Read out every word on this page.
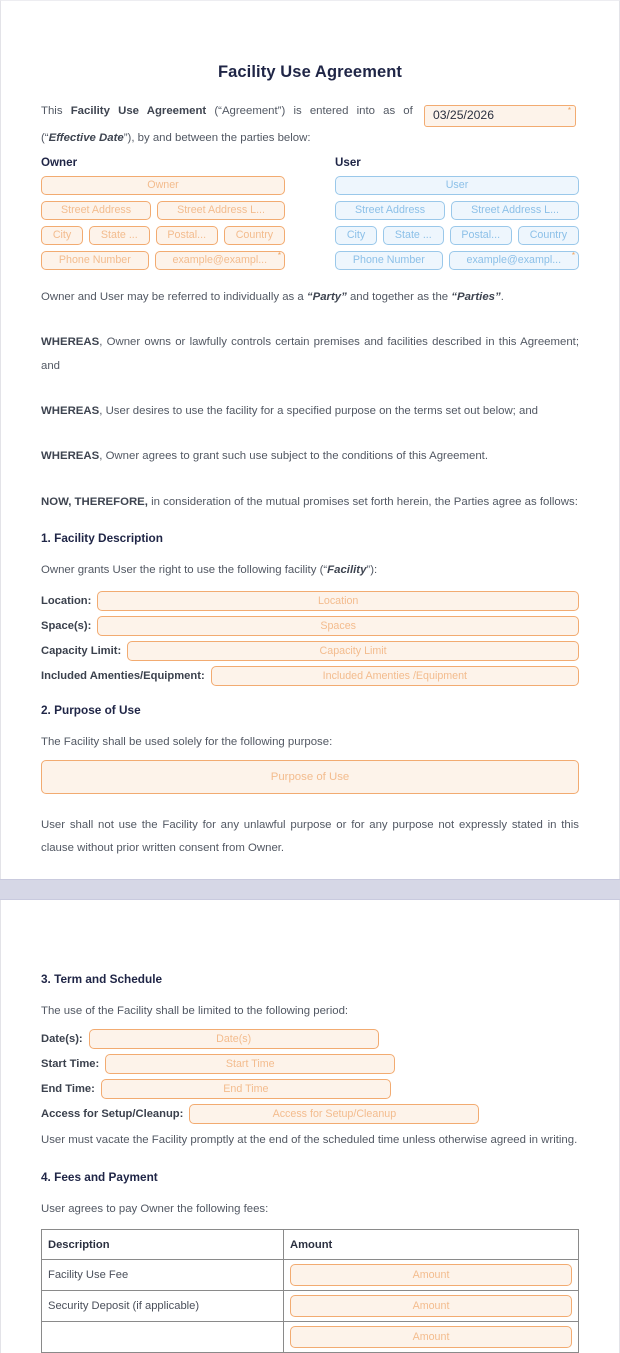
Facility Use Agreement

This Facility Use Agreement (“Agreement”) is entered into as of 03/25/2026	*
(“Effective Date”), by and between the parties below:

Owner
Owner
Street Address	Street Address L...
City	State ...	Postal...	Country
Phone Number	example@exampl... *
User
User
Street Address	Street Address L...
City	State ...	Postal...	Country
Phone Number	example@exampl... *

Owner and User may be referred to individually as a “Party” and together as the “Parties”.

WHEREAS, Owner owns or lawfully controls certain premises and facilities described in this Agreement; and

WHEREAS, User desires to use the facility for a specified purpose on the terms set out below; and

WHEREAS, Owner agrees to grant such use subject to the conditions of this Agreement.

NOW, THEREFORE, in consideration of the mutual promises set forth herein, the Parties agree as follows:

1. Facility Description

Owner grants User the right to use the following facility (“Facility”):

Location:	Location
Space(s):	Spaces
Capacity Limit:	Capacity Limit
Included Amenties/Equipment:	Included Amenties /Equipment
2. Purpose of Use

The Facility shall be used solely for the following purpose:

Purpose of Use

User shall not use the Facility for any unlawful purpose or for any purpose not expressly stated in this clause without prior written consent from Owner.

3. Term and Schedule

The use of the Facility shall be limited to the following period:

Date(s):	Date(s)
Start Time:	Start Time
End Time:	End Time
Access for Setup/Cleanup:	Access for Setup/Cleanup

User must vacate the Facility promptly at the end of the scheduled time unless otherwise agreed in writing.

4. Fees and Payment

User agrees to pay Owner the following fees:

Description	Amount
Facility Use Fee	Amount
Security Deposit (if applicable)	Amount
	Amount
